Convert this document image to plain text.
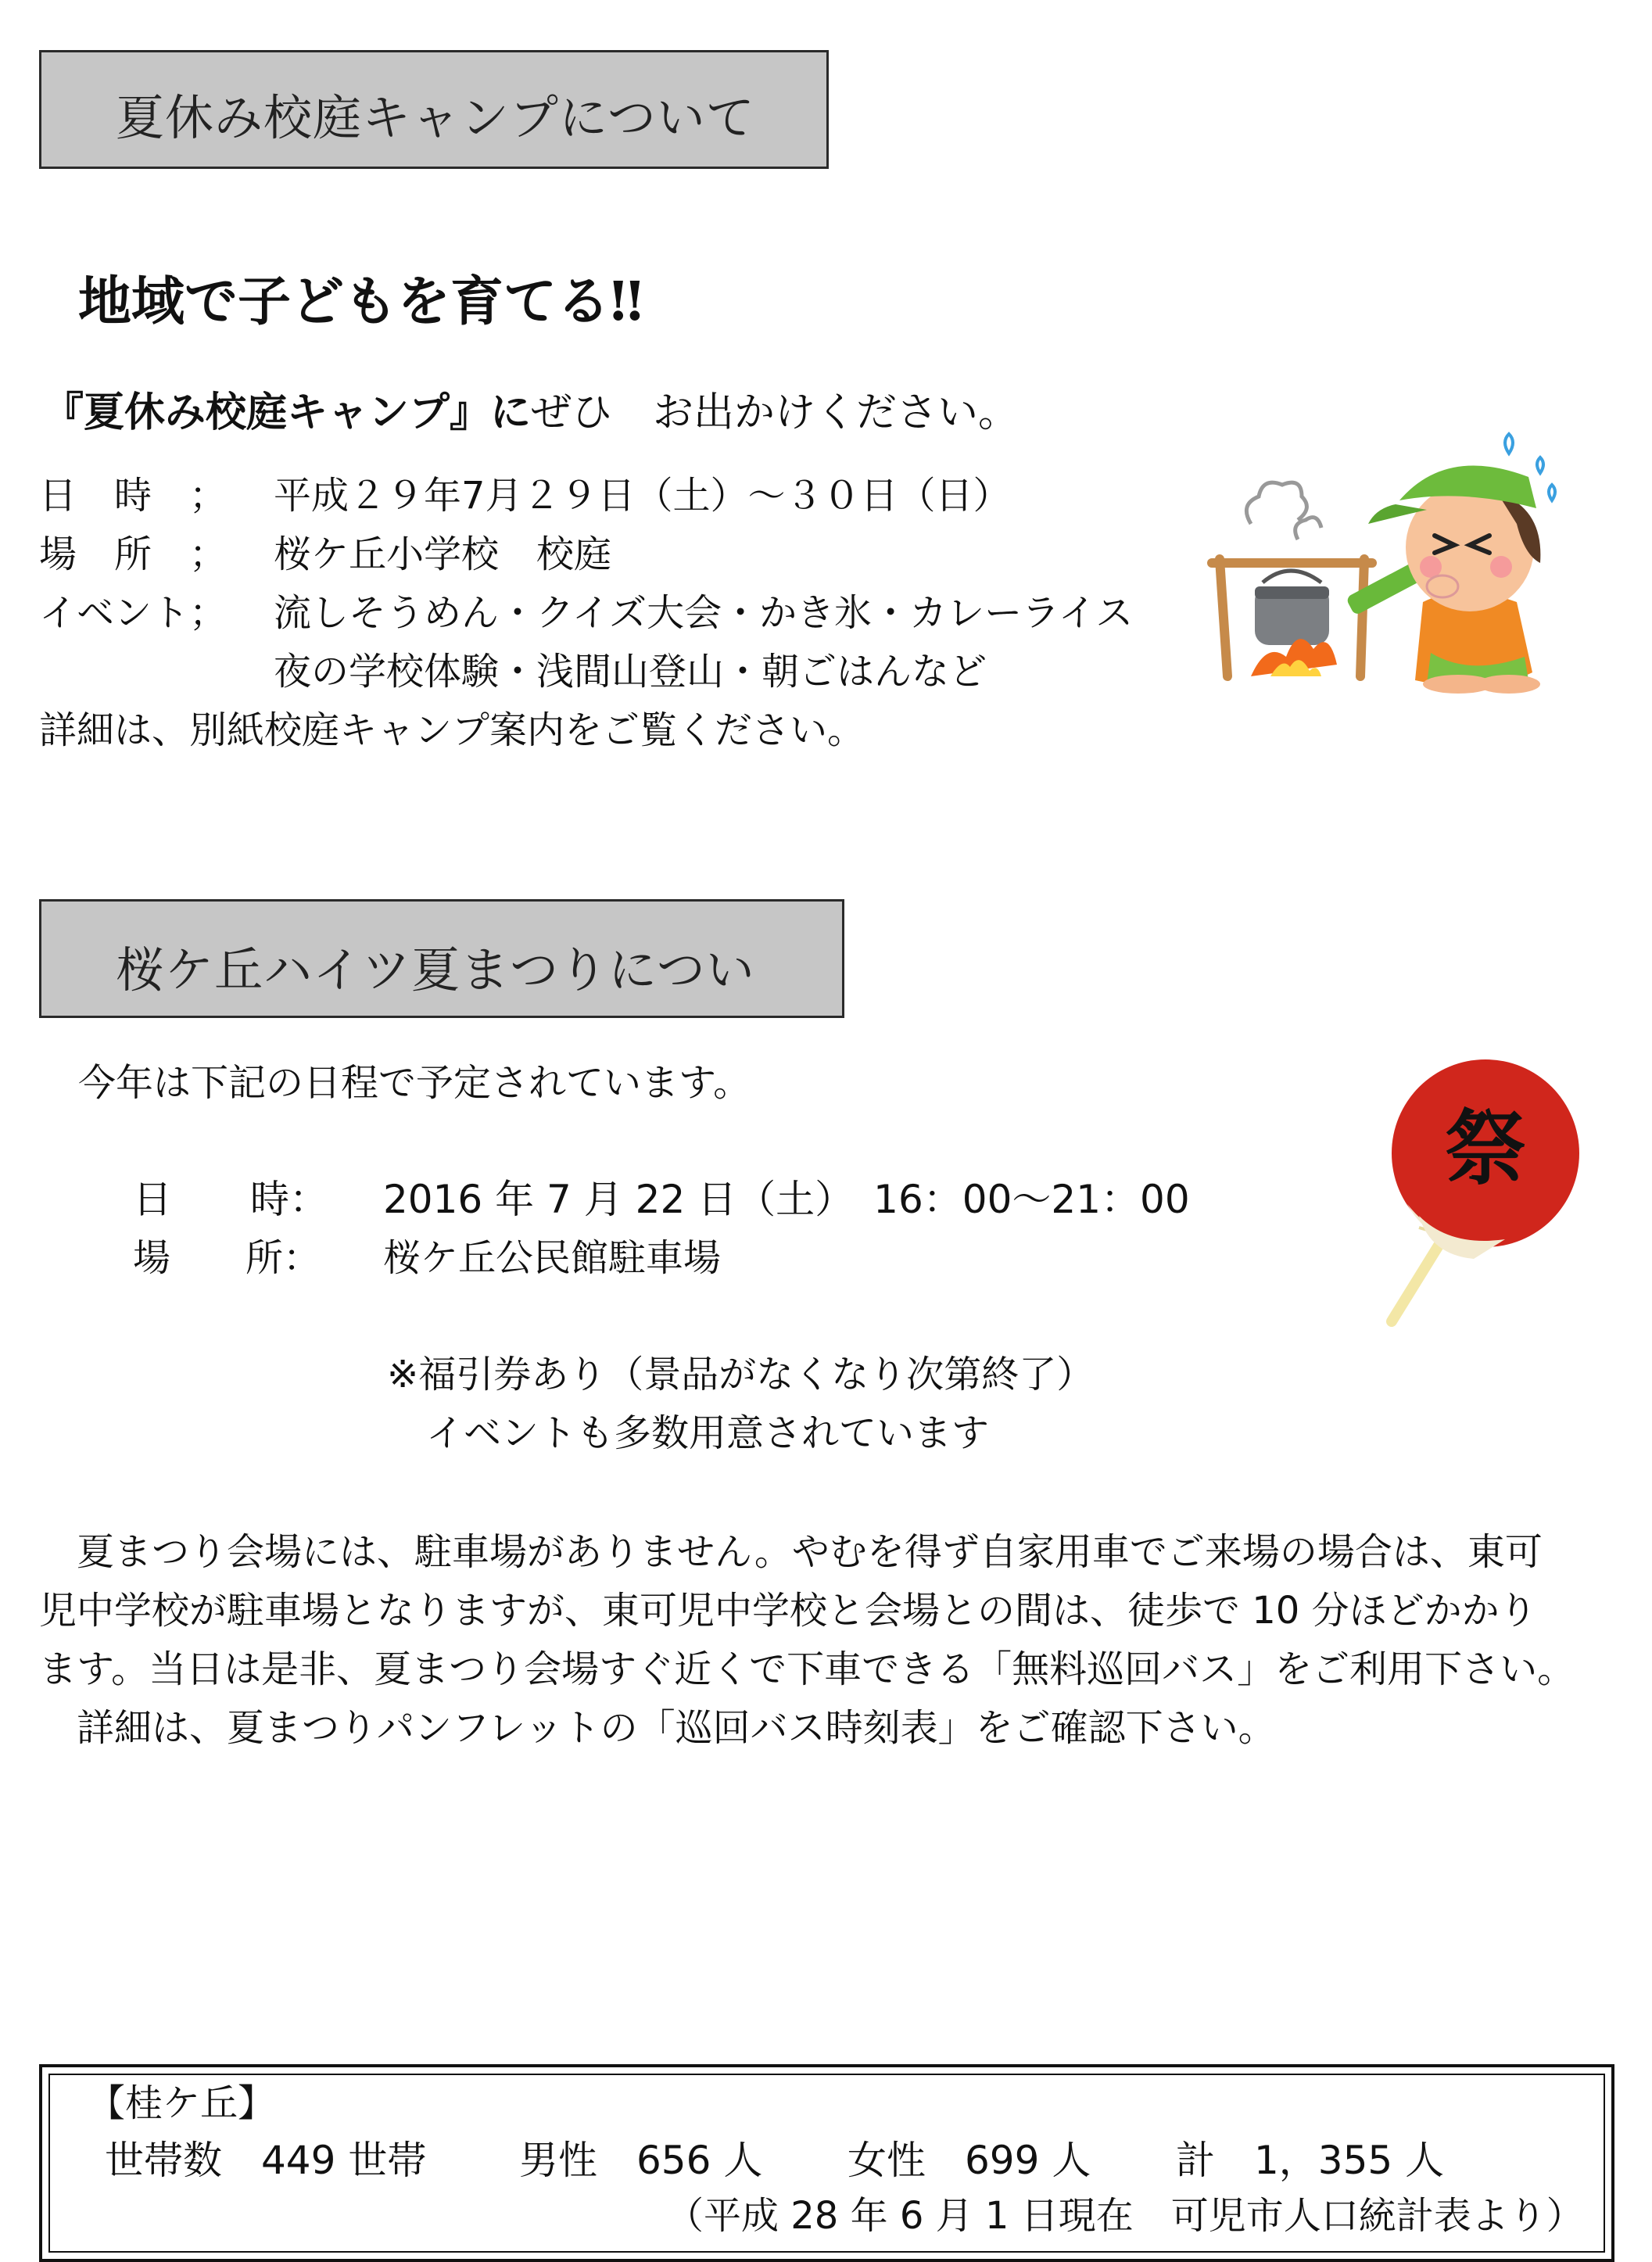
夏休み校庭キャンプについて
地域で子どもを育てる‼
『夏休み校庭キャンプ』にぜひ　お出かけください。
日　時　； 平成２９年7月２９日（土）～３０日（日）
場　所　； 桜ケ丘小学校　校庭
イベント； 流しそうめん・クイズ大会・かき氷・カレーライス
夜の学校体験・浅間山登山・朝ごはんなど
詳細は、別紙校庭キャンプ案内をご覧ください。
桜ケ丘ハイツ夏まつりについ
今年は下記の日程で予定されています。
日　　時： 2016 年 7 月 22 日（土）　16：00～21：00
場　　所： 桜ケ丘公民館駐車場
※福引券あり（景品がなくなり次第終了）
イベントも多数用意されています
　夏まつり会場には、駐車場がありません。やむを得ず自家用車でご来場の場合は、東可
児中学校が駐車場となりますが、東可児中学校と会場との間は、徒歩で 10 分ほどかかり
ます。当日は是非、夏まつり会場すぐ近くで下車できる「無料巡回バス」をご利用下さい。
　詳細は、夏まつりパンフレットの「巡回バス時刻表」をご確認下さい。
祭
【桂ケ丘】
世帯数　449 世帯 男性　656 人 女性　699 人 計　1，355 人
（平成 28 年 6 月 1 日現在　可児市人口統計表より）
